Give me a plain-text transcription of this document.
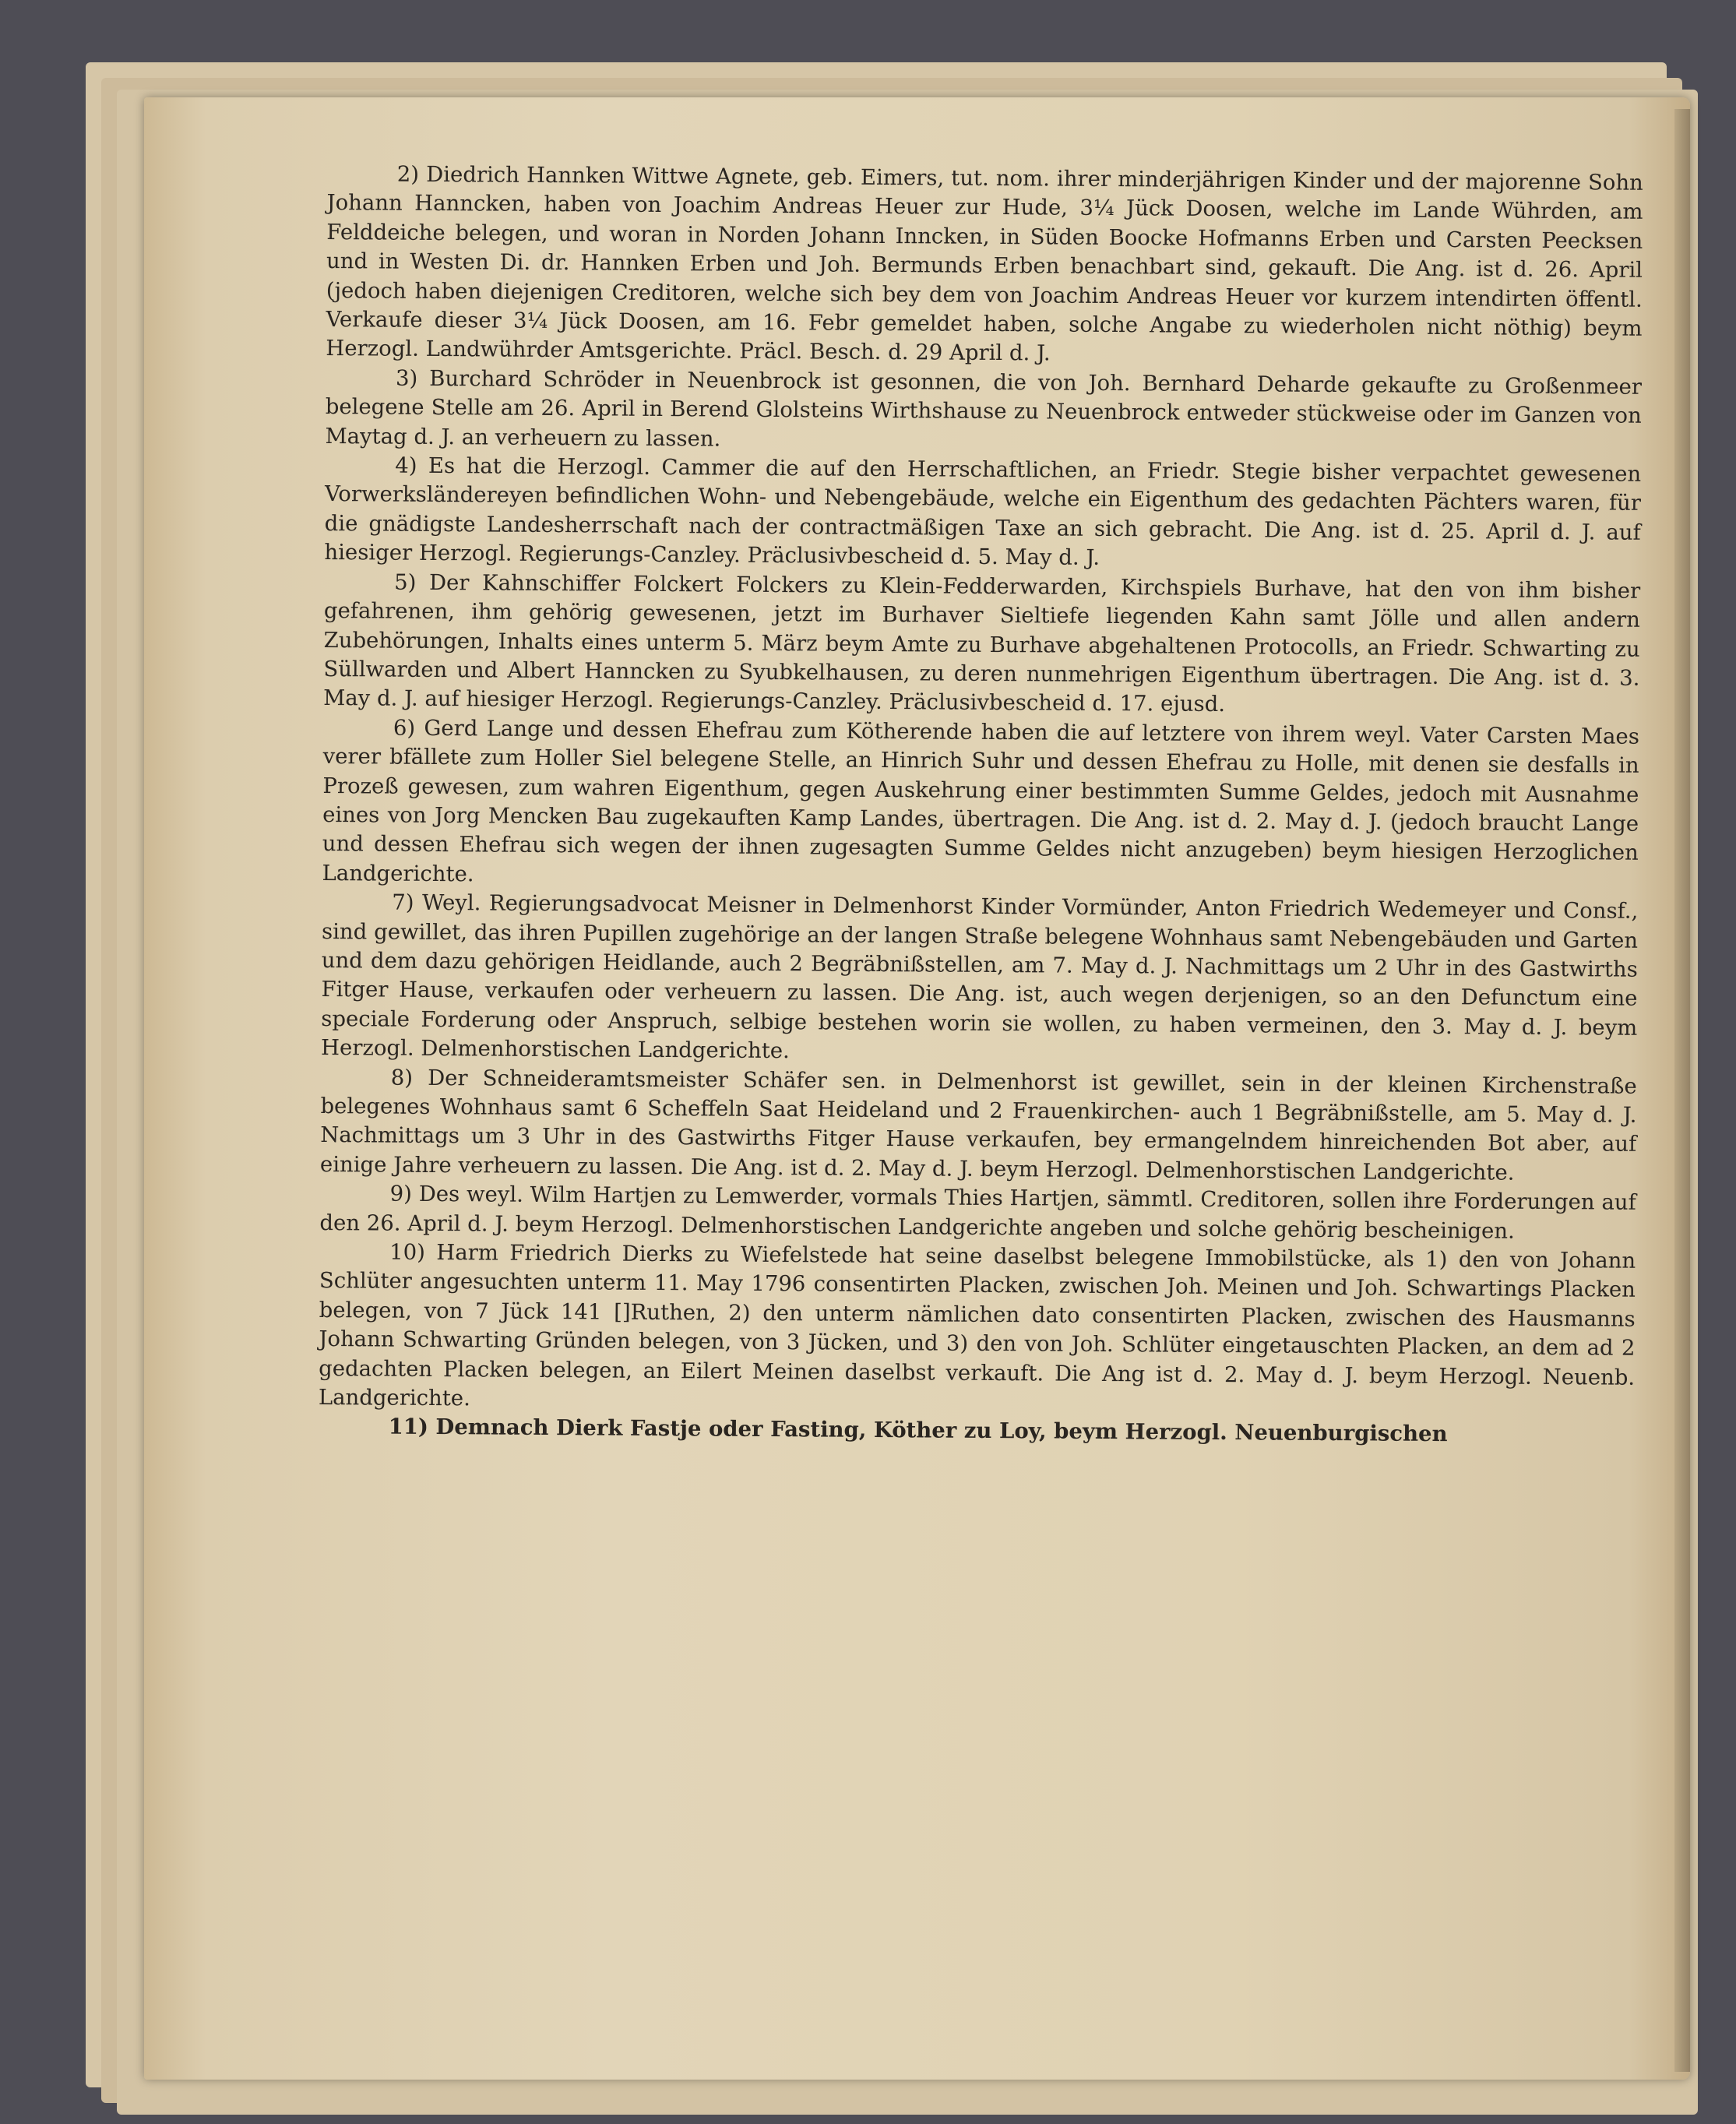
2) Diedrich Hannken Wittwe Agnete, geb. Eimers, tut. nom. ihrer minderjährigen Kinder und der majorenne Sohn Johann Hanncken, haben von Joachim Andreas Heuer zur Hude, 3¼ Jück Doosen, welche im Lande Wührden, am Felddeiche belegen, und woran in Norden Johann Inncken, in Süden Boocke Hofmanns Erben und Carsten Peecksen und in Westen Di. dr. Hannken Erben und Joh. Bermunds Erben benachbart sind, gekauft. Die Ang. ist d. 26. April (jedoch haben diejenigen Creditoren, welche sich bey dem von Joachim Andreas Heuer vor kurzem intendirten öffentl. Verkaufe dieser 3¼ Jück Doosen, am 16. Febr gemeldet haben, solche Angabe zu wiederholen nicht nöthig) beym Herzogl. Landwührder Amtsgerichte. Präcl. Besch. d. 29 April d. J.

3) Burchard Schröder in Neuenbrock ist gesonnen, die von Joh. Bernhard Deharde gekaufte zu Großenmeer belegene Stelle am 26. April in Berend Glolsteins Wirthshause zu Neuenbrock entweder stückweise oder im Ganzen von Maytag d. J. an verheuern zu lassen.

4) Es hat die Herzogl. Cammer die auf den Herrschaftlichen, an Friedr. Stegie bisher verpachtet gewesenen Vorwerksländereyen befindlichen Wohn- und Nebengebäude, welche ein Eigenthum des gedachten Pächters waren, für die gnädigste Landesherrschaft nach der contractmäßigen Taxe an sich gebracht. Die Ang. ist d. 25. April d. J. auf hiesiger Herzogl. Regierungs-Canzley. Präclusivbescheid d. 5. May d. J.

5) Der Kahnschiffer Folckert Folckers zu Klein-Fedderwarden, Kirchspiels Burhave, hat den von ihm bisher gefahrenen, ihm gehörig gewesenen, jetzt im Burhaver Sieltiefe liegenden Kahn samt Jölle und allen andern Zubehörungen, Inhalts eines unterm 5. März beym Amte zu Burhave abgehaltenen Protocolls, an Friedr. Schwarting zu Süllwarden und Albert Hanncken zu Syubkelhausen, zu deren nunmehrigen Eigenthum übertragen. Die Ang. ist d. 3. May d. J. auf hiesiger Herzogl. Regierungs-Canzley. Präclusivbescheid d. 17. ejusd.

6) Gerd Lange und dessen Ehefrau zum Kötherende haben die auf letztere von ihrem weyl. Vater Carsten Maes verer bfällete zum Holler Siel belegene Stelle, an Hinrich Suhr und dessen Ehefrau zu Holle, mit denen sie desfalls in Prozeß gewesen, zum wahren Eigenthum, gegen Auskehrung einer bestimmten Summe Geldes, jedoch mit Ausnahme eines von Jorg Mencken Bau zugekauften Kamp Landes, übertragen. Die Ang. ist d. 2. May d. J. (jedoch braucht Lange und dessen Ehefrau sich wegen der ihnen zugesagten Summe Geldes nicht anzugeben) beym hiesigen Herzoglichen Landgerichte.

7) Weyl. Regierungsadvocat Meisner in Delmenhorst Kinder Vormünder, Anton Friedrich Wedemeyer und Consf., sind gewillet, das ihren Pupillen zugehörige an der langen Straße belegene Wohnhaus samt Nebengebäuden und Garten und dem dazu gehörigen Heidlande, auch 2 Begräbnißstellen, am 7. May d. J. Nachmittags um 2 Uhr in des Gastwirths Fitger Hause, verkaufen oder verheuern zu lassen. Die Ang. ist, auch wegen derjenigen, so an den Defunctum eine speciale Forderung oder Anspruch, selbige bestehen worin sie wollen, zu haben vermeinen, den 3. May d. J. beym Herzogl. Delmenhorstischen Landgerichte.

8) Der Schneideramtsmeister Schäfer sen. in Delmenhorst ist gewillet, sein in der kleinen Kirchenstraße belegenes Wohnhaus samt 6 Scheffeln Saat Heideland und 2 Frauenkirchen- auch 1 Begräbnißstelle, am 5. May d. J. Nachmittags um 3 Uhr in des Gastwirths Fitger Hause verkaufen, bey ermangelndem hinreichenden Bot aber, auf einige Jahre verheuern zu lassen. Die Ang. ist d. 2. May d. J. beym Herzogl. Delmenhorstischen Landgerichte.

9) Des weyl. Wilm Hartjen zu Lemwerder, vormals Thies Hartjen, sämmtl. Creditoren, sollen ihre Forderungen auf den 26. April d. J. beym Herzogl. Delmenhorstischen Landgerichte angeben und solche gehörig bescheinigen.

10) Harm Friedrich Dierks zu Wiefelstede hat seine daselbst belegene Immobilstücke, als 1) den von Johann Schlüter angesuchten unterm 11. May 1796 consentirten Placken, zwischen Joh. Meinen und Joh. Schwartings Placken belegen, von 7 Jück 141 []Ruthen, 2) den unterm nämlichen dato consentirten Placken, zwischen des Hausmanns Johann Schwarting Gründen belegen, von 3 Jücken, und 3) den von Joh. Schlüter eingetauschten Placken, an dem ad 2 gedachten Placken belegen, an Eilert Meinen daselbst verkauft. Die Ang ist d. 2. May d. J. beym Herzogl. Neuenb. Landgerichte.

11) Demnach Dierk Fastje oder Fasting, Köther zu Loy, beym Herzogl. Neuenburgischen
